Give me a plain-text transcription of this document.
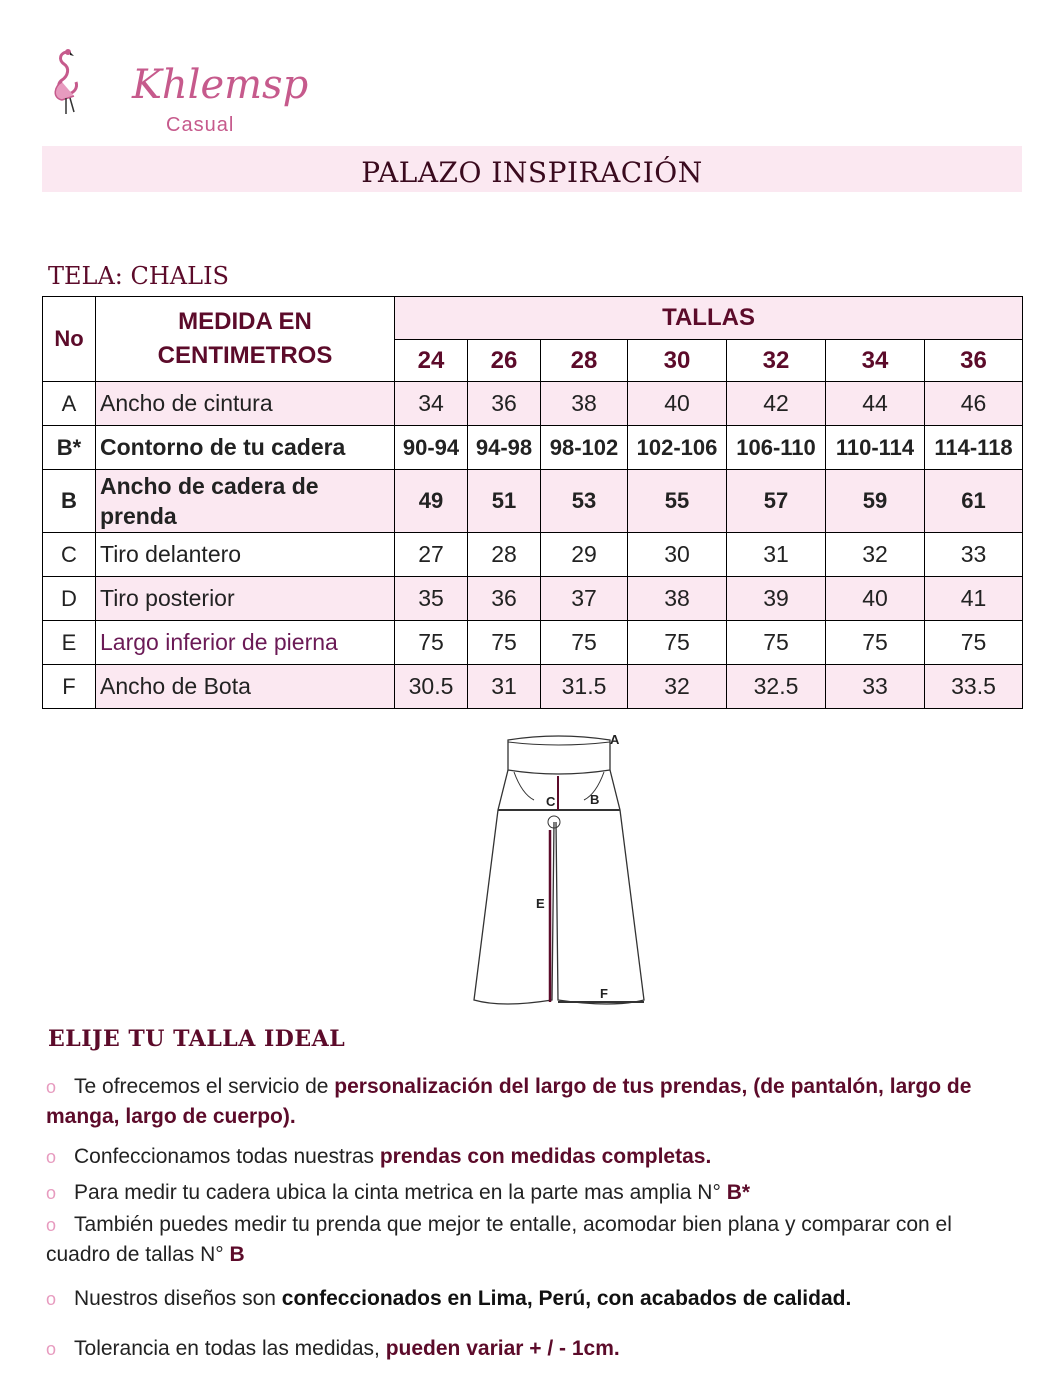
Khlemsp
Casual
PALAZO INSPIRACIÓN
TELA: CHALIS
No	MEDIDA EN CENTIMETROS	TALLAS						
		24	26	28	30	32	34	36
A	Ancho de cintura	34	36	38	40	42	44	46
B*	Contorno de tu cadera	90-94	94-98	98-102	102-106	106-110	110-114	114-118
B	Ancho de cadera de prenda	49	51	53	55	57	59	61
C	Tiro delantero	27	28	29	30	31	32	33
D	Tiro posterior	35	36	37	38	39	40	41
E	Largo inferior de pierna	75	75	75	75	75	75	75
F	Ancho de Bota	30.5	31	31.5	32	32.5	33	33.5
A
C	B
E
F
ELIJE TU TALLA IDEAL
o Te ofrecemos el servicio de personalización del largo de tus prendas, (de pantalón, largo de manga, largo de cuerpo).
o Confeccionamos todas nuestras prendas con medidas completas.
o Para medir tu cadera ubica la cinta metrica en la parte mas amplia N° B*
o También puedes medir tu prenda que mejor te entalle, acomodar bien plana y comparar con el cuadro de tallas N° B
o Nuestros diseños son confeccionados en Lima, Perú, con acabados de calidad.
o Tolerancia en todas las medidas, pueden variar + / - 1cm.
